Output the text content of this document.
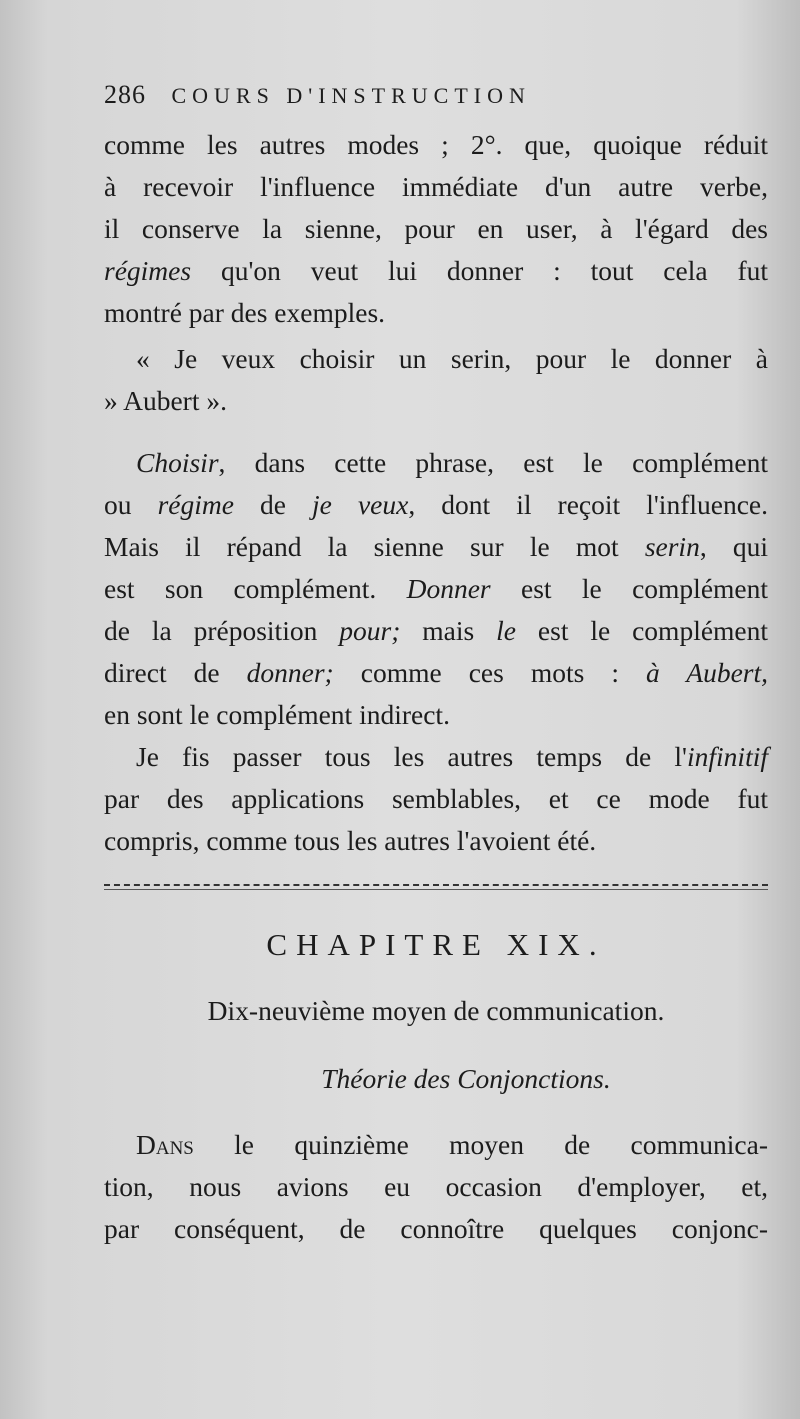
286 COURS D'INSTRUCTION
comme les autres modes ; 2°. que, quoique réduit
à recevoir l'influence immédiate d'un autre verbe,
il conserve la sienne, pour en user, à l'égard des
régimes qu'on veut lui donner : tout cela fut
montré par des exemples.
« Je veux choisir un serin, pour le donner à
» Aubert ».
Choisir, dans cette phrase, est le complément
ou régime de je veux, dont il reçoit l'influence.
Mais il répand la sienne sur le mot serin, qui
est son complément. Donner est le complément
de la préposition pour; mais le est le complément
direct de donner; comme ces mots : à Aubert,
en sont le complément indirect.
Je fis passer tous les autres temps de l'infinitif
par des applications semblables, et ce mode fut
compris, comme tous les autres l'avoient été.
CHAPITRE XIX.
Dix-neuvième moyen de communication.
Théorie des Conjonctions.
Dans le quinzième moyen de communica-
tion, nous avions eu occasion d'employer, et,
par conséquent, de connoître quelques conjonc-
